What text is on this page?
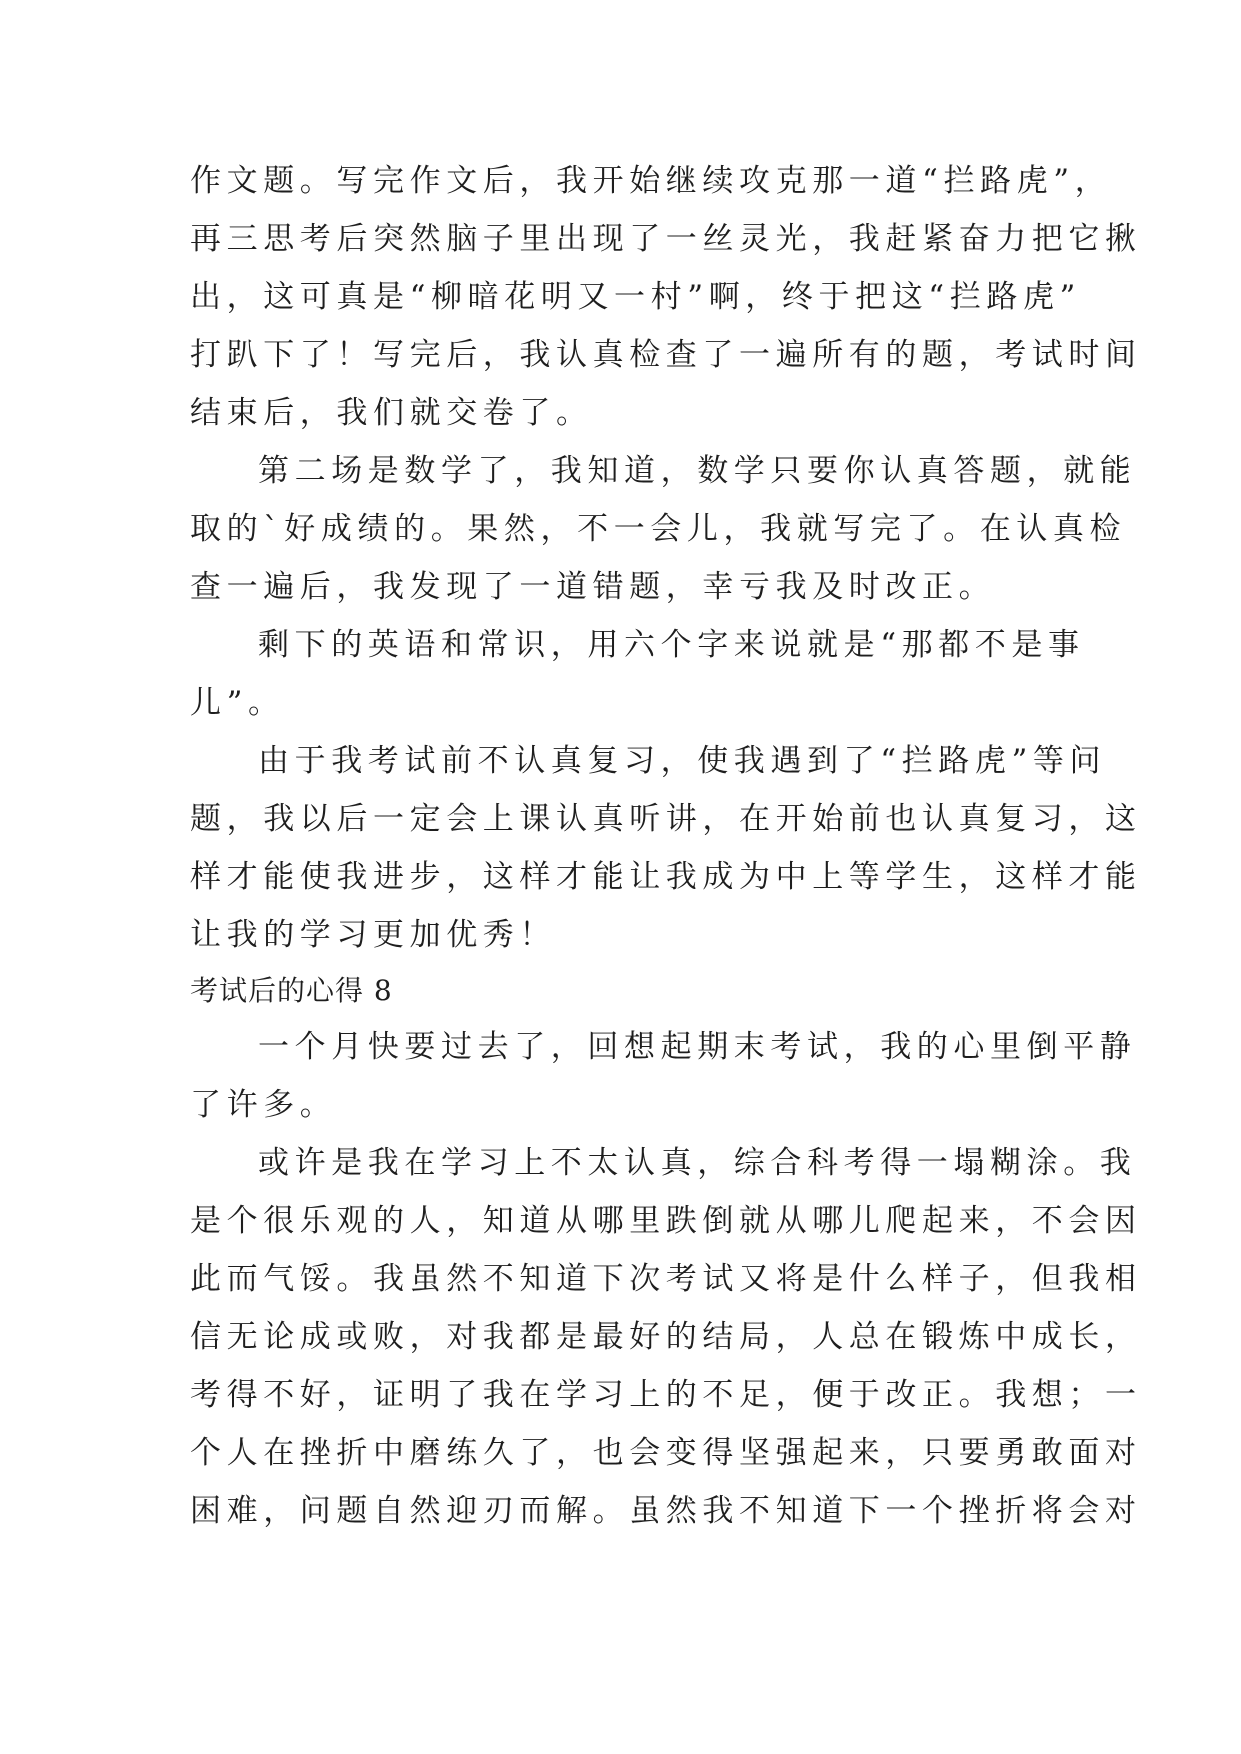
作文题。写完作文后，我开始继续攻克那一道“拦路虎”，
再三思考后突然脑子里出现了一丝灵光，我赶紧奋力把它揪
出，这可真是“柳暗花明又一村”啊，终于把这“拦路虎”
打趴下了！写完后，我认真检查了一遍所有的题，考试时间
结束后，我们就交卷了。
第二场是数学了，我知道，数学只要你认真答题，就能
取的`好成绩的。果然，不一会儿，我就写完了。在认真检
查一遍后，我发现了一道错题，幸亏我及时改正。
剩下的英语和常识，用六个字来说就是“那都不是事
儿”。
由于我考试前不认真复习，使我遇到了“拦路虎”等问
题，我以后一定会上课认真听讲，在开始前也认真复习，这
样才能使我进步，这样才能让我成为中上等学生，这样才能
让我的学习更加优秀！
考试后的心得 8
一个月快要过去了，回想起期末考试，我的心里倒平静
了许多。
或许是我在学习上不太认真，综合科考得一塌糊涂。我
是个很乐观的人，知道从哪里跌倒就从哪儿爬起来，不会因
此而气馁。我虽然不知道下次考试又将是什么样子，但我相
信无论成或败，对我都是最好的结局，人总在锻炼中成长，
考得不好，证明了我在学习上的不足，便于改正。我想；一
个人在挫折中磨练久了，也会变得坚强起来，只要勇敢面对
困难，问题自然迎刃而解。虽然我不知道下一个挫折将会对
